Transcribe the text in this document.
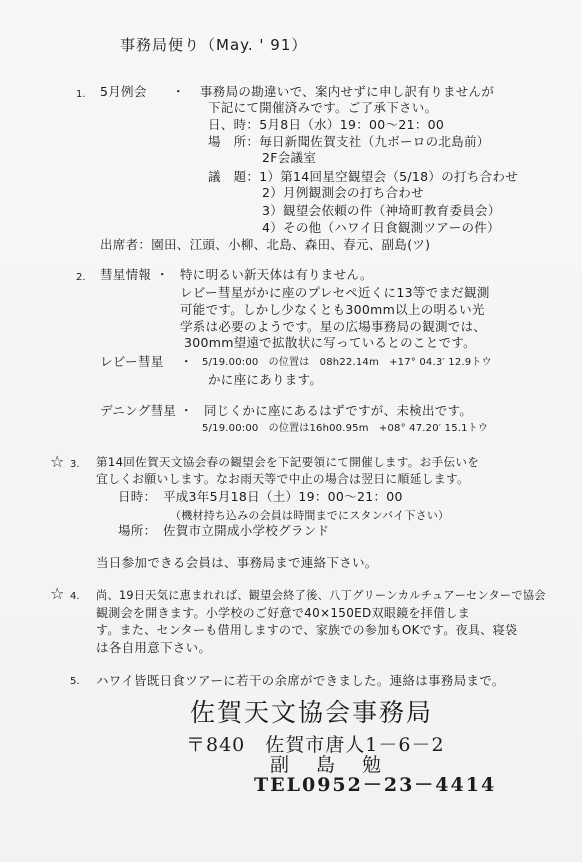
事務局便り（May. ' 91）
1. 5月例会 ・ 事務局の勘違いで、案内せずに申し訳有りませんが
下記にて開催済みです。ご了承下さい。
日、時：5月8日（水）19：00～21：00
場　所：毎日新聞佐賀支社（九ボーロの北島前）
2F会議室
議　題：1）第14回星空観望会（5/18）の打ち合わせ
2）月例観測会の打ち合わせ
3）観望会依頼の件（神埼町教育委員会）
4）その他（ハワイ日食観測ツアーの件）
出席者：園田、江頭、小柳、北島、森田、春元、副島(ツ)
2. 彗星情報 ・ 特に明るい新天体は有りません。
レビー彗星がかに座のプレセペ近くに13等でまだ観測
可能です。しかし少なくとも300mm以上の明るい光
学系は必要のようです。星の広場事務局の観測では、
300mm望遠で拡散状に写っているとのことです。
レビー彗星 ・ 5/19.00:00　の位置は　08h22.14m　+17° 04.3′ 12.9トウ
かに座にあります。
デニング彗星 ・ 同じくかに座にあるはずですが、未検出です。
5/19.00:00　の位置は16h00.95m　+08° 47.20′ 15.1トウ
☆ 3. 第14回佐賀天文協会春の観望会を下記要領にて開催します。お手伝いを
宜しくお願いします。なお雨天等で中止の場合は翌日に順延します。
日時：　平成3年5月18日（土）19：00～21：00
（機材持ち込みの会員は時間までにスタンバイ下さい）
場所：　佐賀市立開成小学校グランド
当日参加できる会員は、事務局まで連絡下さい。
☆ 4. 尚、19日天気に恵まれれば、観望会終了後、八丁グリーンカルチュアーセンターで協会
観測会を開きます。小学校のご好意で40×150ED双眼鏡を拝借しま
す。また、センターも借用しますので、家族での参加もOKです。夜具、寝袋
は各自用意下さい。
5. ハワイ皆既日食ツアーに若干の余席ができました。連絡は事務局まで。
佐賀天文協会事務局
〒840　佐賀市唐人1－6－2
副　島　勉
TEL0952－23－4414
